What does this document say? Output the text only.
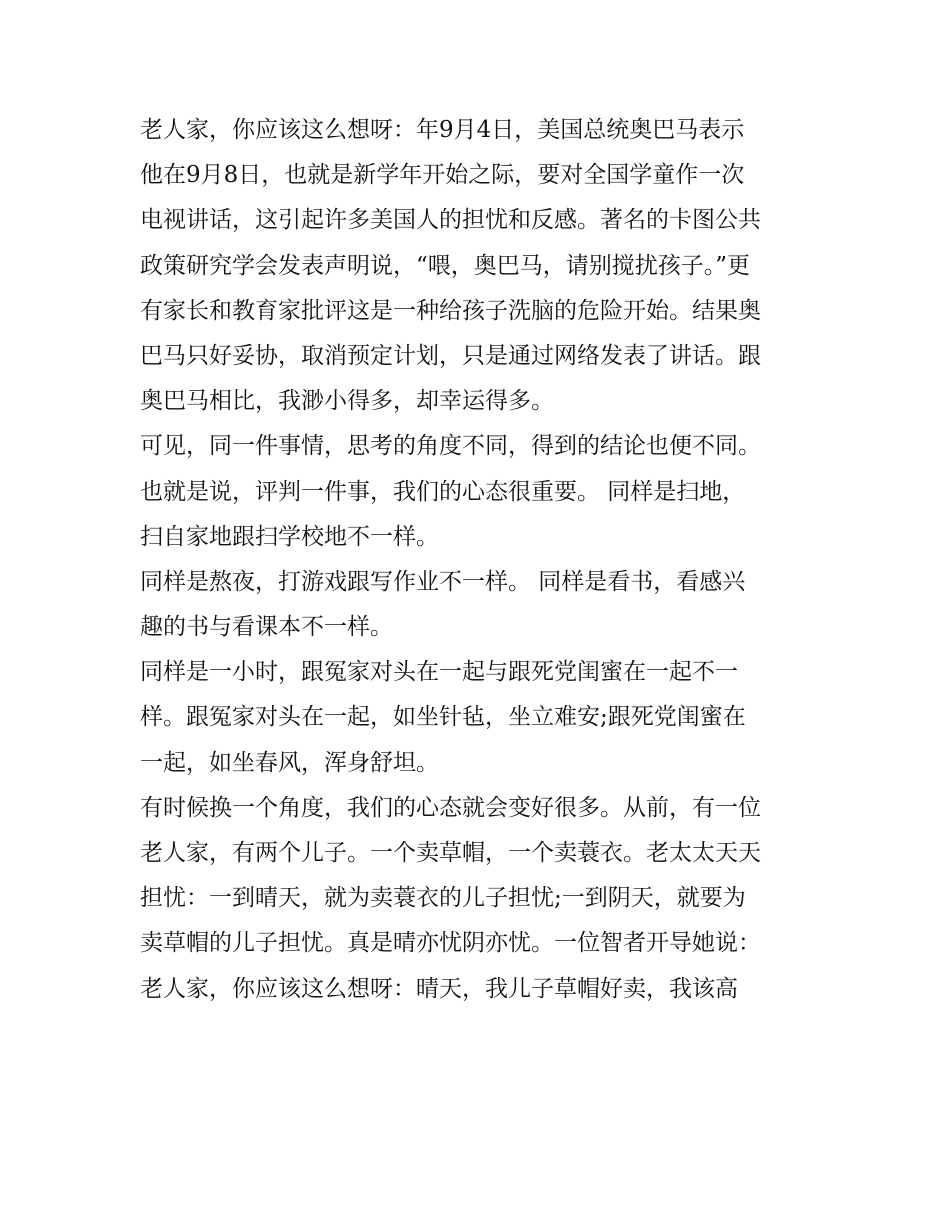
老人家，你应该这么想呀：年9月4日，美国总统奥巴马表示
他在9月8日，也就是新学年开始之际，要对全国学童作一次
电视讲话，这引起许多美国人的担忧和反感。著名的卡图公共
政策研究学会发表声明说，“喂，奥巴马，请别搅扰孩子。”更
有家长和教育家批评这是一种给孩子洗脑的危险开始。结果奥
巴马只好妥协，取消预定计划，只是通过网络发表了讲话。跟
奥巴马相比，我渺小得多，却幸运得多。
可见，同一件事情，思考的角度不同，得到的结论也便不同。
也就是说，评判一件事，我们的心态很重要。 同样是扫地，
扫自家地跟扫学校地不一样。
同样是熬夜，打游戏跟写作业不一样。 同样是看书，看感兴
趣的书与看课本不一样。
同样是一小时，跟冤家对头在一起与跟死党闺蜜在一起不一
样。跟冤家对头在一起，如坐针毡，坐立难安;跟死党闺蜜在
一起，如坐春风，浑身舒坦。
有时候换一个角度，我们的心态就会变好很多。从前，有一位
老人家，有两个儿子。一个卖草帽，一个卖蓑衣。老太太天天
担忧：一到晴天，就为卖蓑衣的儿子担忧;一到阴天，就要为
卖草帽的儿子担忧。真是晴亦忧阴亦忧。一位智者开导她说：
老人家，你应该这么想呀：晴天，我儿子草帽好卖，我该高
